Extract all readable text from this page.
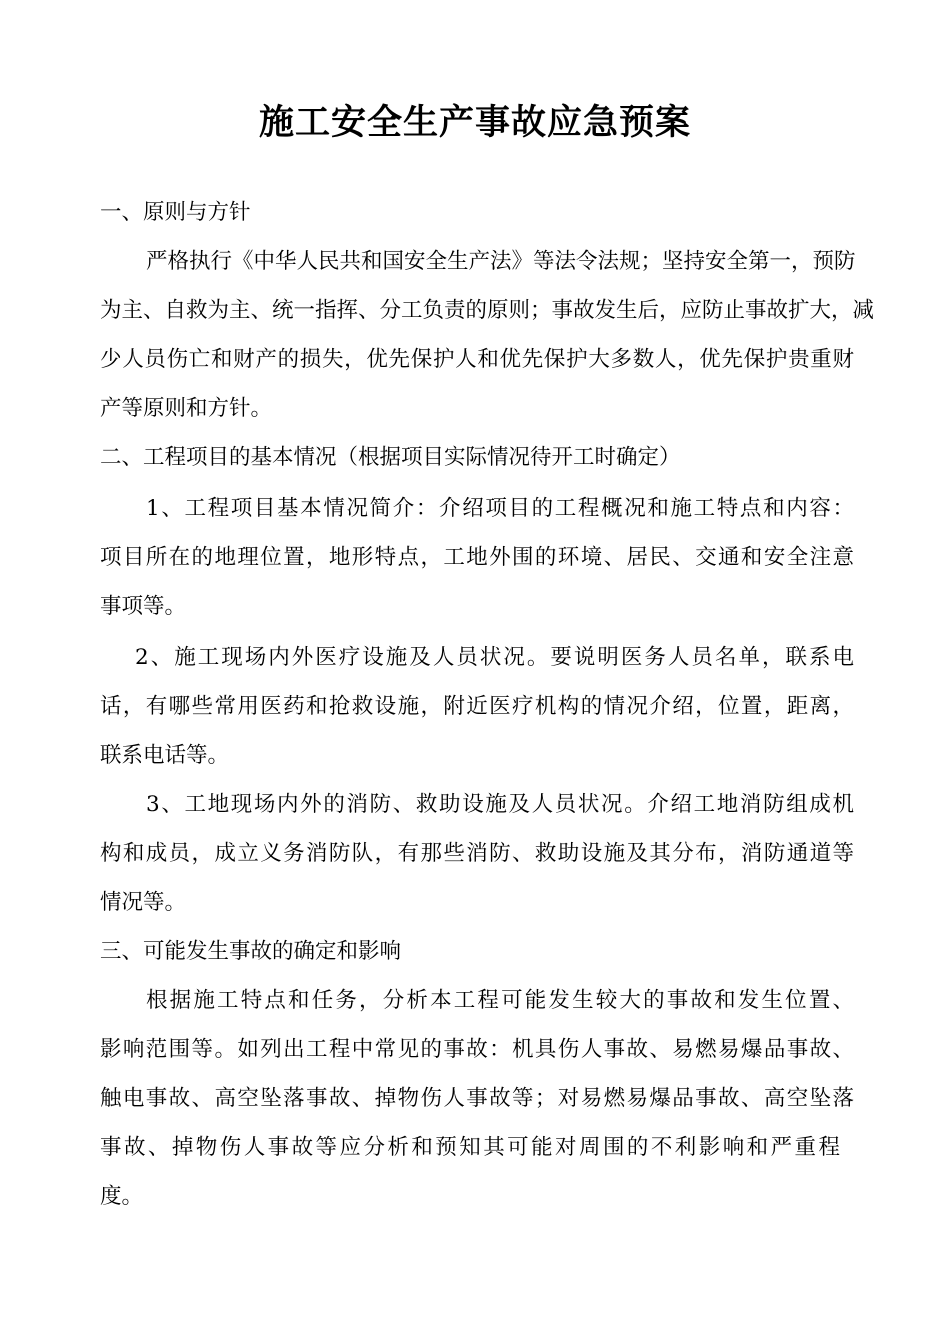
施工安全生产事故应急预案
一、原则与方针
严格执行《中华人民共和国安全生产法》等法令法规；坚持安全第一，预防
为主、自救为主、统一指挥、分工负责的原则；事故发生后，应防止事故扩大，减
少人员伤亡和财产的损失，优先保护人和优先保护大多数人，优先保护贵重财
产等原则和方针。
二、工程项目的基本情况（根据项目实际情况待开工时确定）
1、工程项目基本情况简介：介绍项目的工程概况和施工特点和内容：
项目所在的地理位置，地形特点，工地外围的环境、居民、交通和安全注意
事项等。
2、施工现场内外医疗设施及人员状况。要说明医务人员名单，联系电
话，有哪些常用医药和抢救设施，附近医疗机构的情况介绍，位置，距离，
联系电话等。
3、工地现场内外的消防、救助设施及人员状况。介绍工地消防组成机
构和成员，成立义务消防队，有那些消防、救助设施及其分布，消防通道等
情况等。
三、可能发生事故的确定和影响
根据施工特点和任务，分析本工程可能发生较大的事故和发生位置、
影响范围等。如列出工程中常见的事故：机具伤人事故、易燃易爆品事故、
触电事故、高空坠落事故、掉物伤人事故等；对易燃易爆品事故、高空坠落
事故、掉物伤人事故等应分析和预知其可能对周围的不利影响和严重程
度。
